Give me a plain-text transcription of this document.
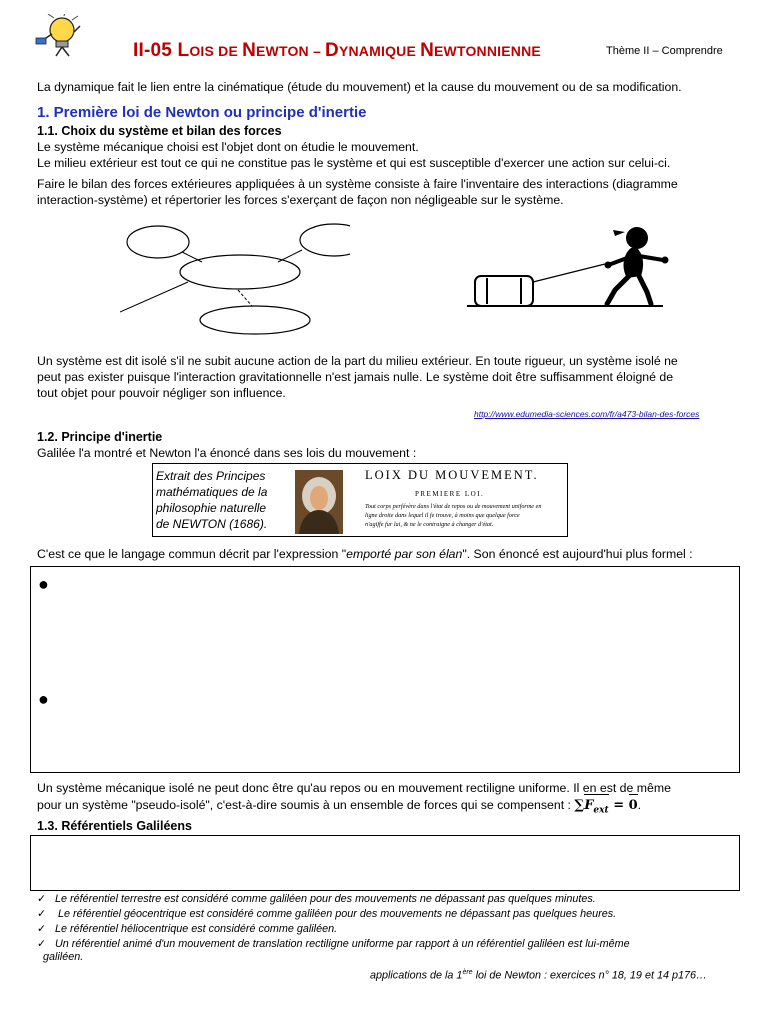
II-05 LOIS DE NEWTON – DYNAMIQUE NEWTONNIENNE	Thème II – Comprendre
La dynamique fait le lien entre la cinématique (étude du mouvement) et la cause du mouvement ou de sa modification.
1. Première loi de Newton ou principe d'inertie
1.1. Choix du système et bilan des forces
Le système mécanique choisi est l'objet dont on étudie le mouvement.
Le milieu extérieur est tout ce qui ne constitue pas le système et qui est susceptible d'exercer une action sur celui-ci.
Faire le bilan des forces extérieures appliquées à un système consiste à faire l'inventaire des interactions (diagramme
interaction-système) et répertorier les forces s'exerçant de façon non négligeable sur le système.
Un système est dit isolé s'il ne subit aucune action de la part du milieu extérieur. En toute rigueur, un système isolé ne
peut pas exister puisque l'interaction gravitationnelle n'est jamais nulle. Le système doit être suffisamment éloigné de
tout objet pour pouvoir négliger son influence.
http://www.edumedia-sciences.com/fr/a473-bilan-des-forces
1.2. Principe d'inertie
Galilée l'a montré et Newton l'a énoncé dans ses lois du mouvement :
Extrait des Principes
mathématiques de la
philosophie naturelle
de NEWTON (1686).
LOIX DU MOUVEMENT.
PREMIERE LOI.
Tout corps perfévère dans l'état de repos ou de mouvement uniforme en
ligne droite dans lequel il fe trouve, à moins que quelque force
n'agiffe fur lui, & ne le contraigne à changer d'état.
C'est ce que le langage commun décrit par l'expression "emporté par son élan". Son énoncé est aujourd'hui plus formel :
●
●
Un système mécanique isolé ne peut donc être qu'au repos ou en mouvement rectiligne uniforme. Il en est de même
pour un système "pseudo-isolé", c'est-à-dire soumis à un ensemble de forces qui se compensent : ∑
$F_{ext}$ =
0.
1.3. Référentiels Galiléens
✓ Le référentiel terrestre est considéré comme galiléen pour des mouvements ne dépassant pas quelques minutes.
✓ Le référentiel géocentrique est considéré comme galiléen pour des mouvements ne dépassant pas quelques heures.
✓ Le référentiel héliocentrique est considéré comme galiléen.
✓ Un référentiel animé d'un mouvement de translation rectiligne uniforme par rapport à un référentiel galiléen est lui-même
galiléen.
applications de la 1ère loi de Newton : exercices n° 18, 19 et 14 p176…
